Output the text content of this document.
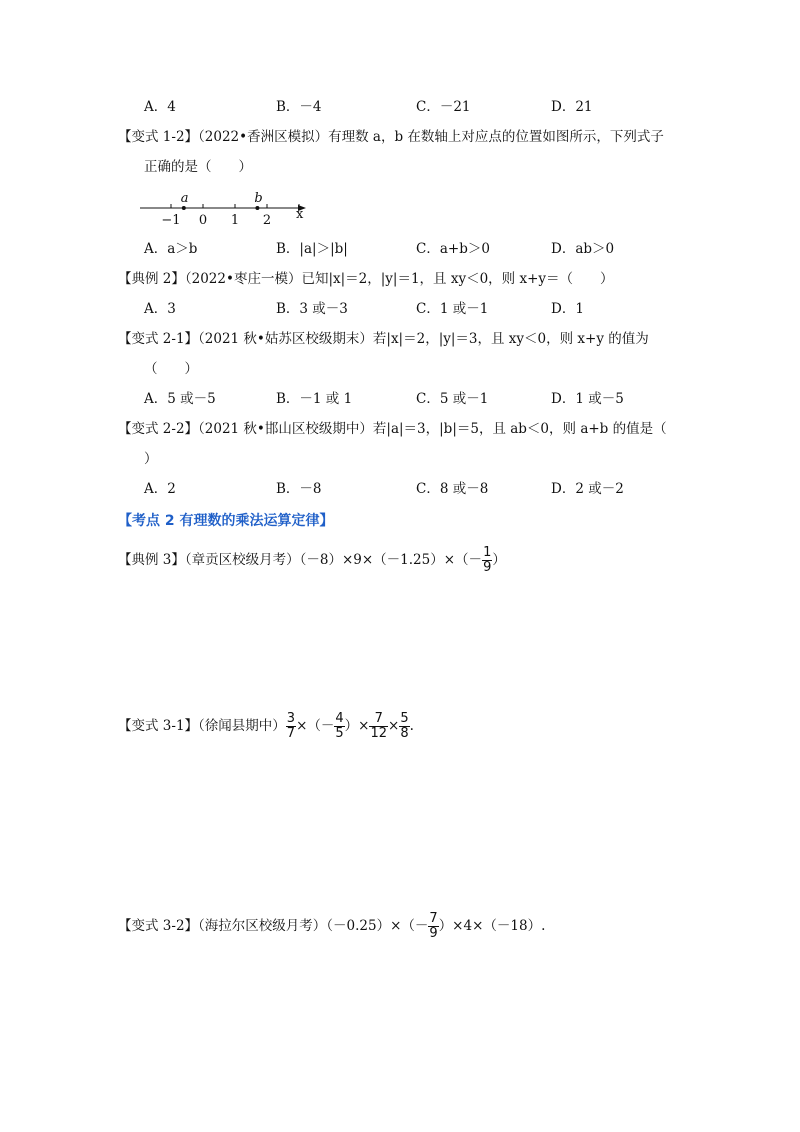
A．4	B．－4	C．－21	D．21
【变式 1-2】（2022•香洲区模拟）有理数 a，b 在数轴上对应点的位置如图所示，下列式子
正确的是（　　）
−1 0 1 2
a	b
x
A．a＞b	B．|a|＞|b|	C．a+b＞0	D．ab＞0
【典例 2】（2022•枣庄一模）已知|x|＝2，|y|＝1，且 xy＜0，则 x+y＝（　　）
A．3	B．3 或－3	C．1 或－1	D．1
【变式 2-1】（2021 秋•姑苏区校级期末）若|x|＝2，|y|＝3，且 xy＜0，则 x+y 的值为
（　　）
A．5 或－5	B．－1 或 1	C．5 或－1	D．1 或－5
【变式 2-2】（2021 秋•邯山区校级期中）若|a|＝3，|b|＝5，且 ab＜0，则 a+b 的值是（
）
A．2	B．－8	C．8 或－8	D．2 或－2
【考点 2 有理数的乘法运算定律】
【典例 3】（章贡区校级月考）$(-8)\times 9\times(-1.25)\times(- \frac{1}{9}$ ）
【变式 3-1】（徐闻县期中） $\frac{3}{7}$ ×（－ $\frac{4}{5}$ ）× $\frac{7}{12} \times \frac{5}{8}$ .
【变式 3-2】（海拉尔区校级月考）$(-0.25)\times(- \frac{7}{9} )\times 4\times(-18)$.
